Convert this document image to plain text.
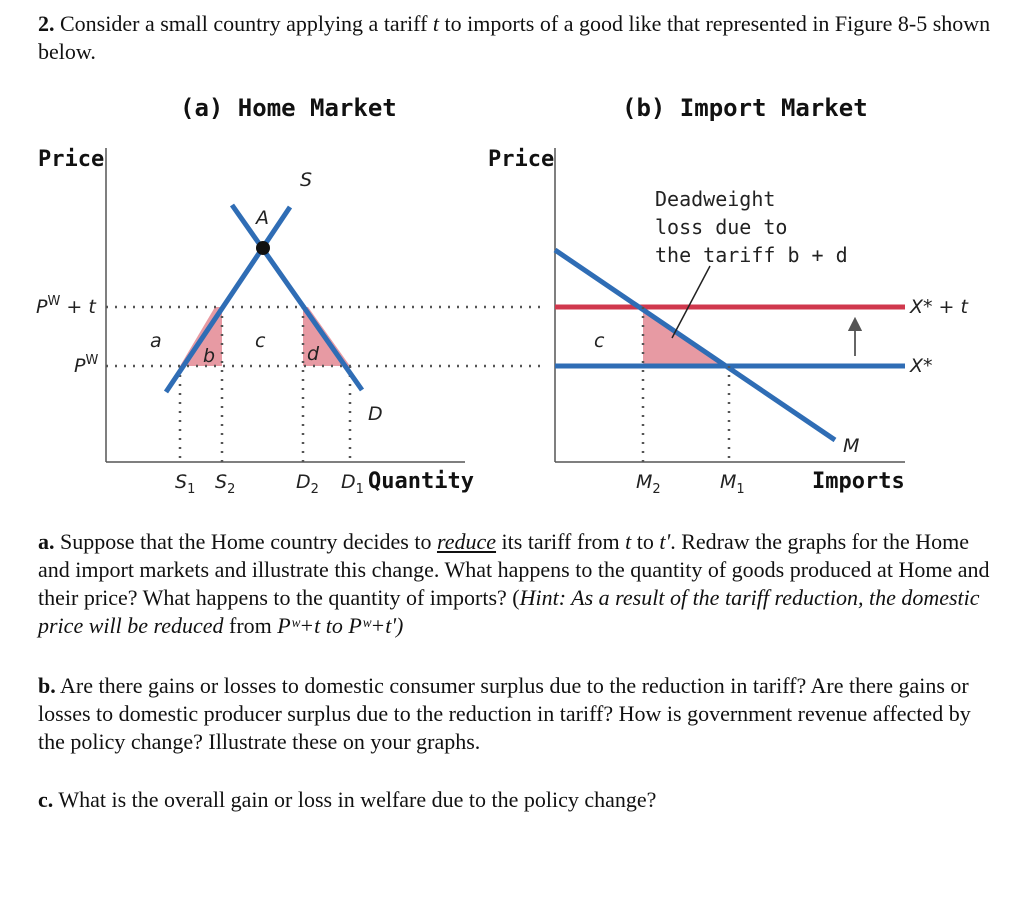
2. Consider a small country applying a tariff t to imports of a good like that represented in Figure 8-5 shown below.
(a) Home Market
Price
S
A
D
a
b
c
d
$P^W + t$
$P^W$
$S_1$ $S_2$	$D_2$ $D_1$ Quantity
(b) Import Market
Price
Deadweight
loss due to
the tariff b + d
X* + t
X*
M
c
$M_2$	$M_1$	Imports
a. Suppose that the Home country decides to reduce its tariff from t to tʹ. Redraw the graphs for the Home and import markets and illustrate this change. What happens to the quantity of goods produced at Home and their price? What happens to the quantity of imports? (Hint: As a result of the tariff reduction, the domestic price will be reduced from Pʷ+t to Pʷ+tʹ)
b. Are there gains or losses to domestic consumer surplus due to the reduction in tariff? Are there gains or losses to domestic producer surplus due to the reduction in tariff? How is government revenue affected by the policy change? Illustrate these on your graphs.
c. What is the overall gain or loss in welfare due to the policy change?
